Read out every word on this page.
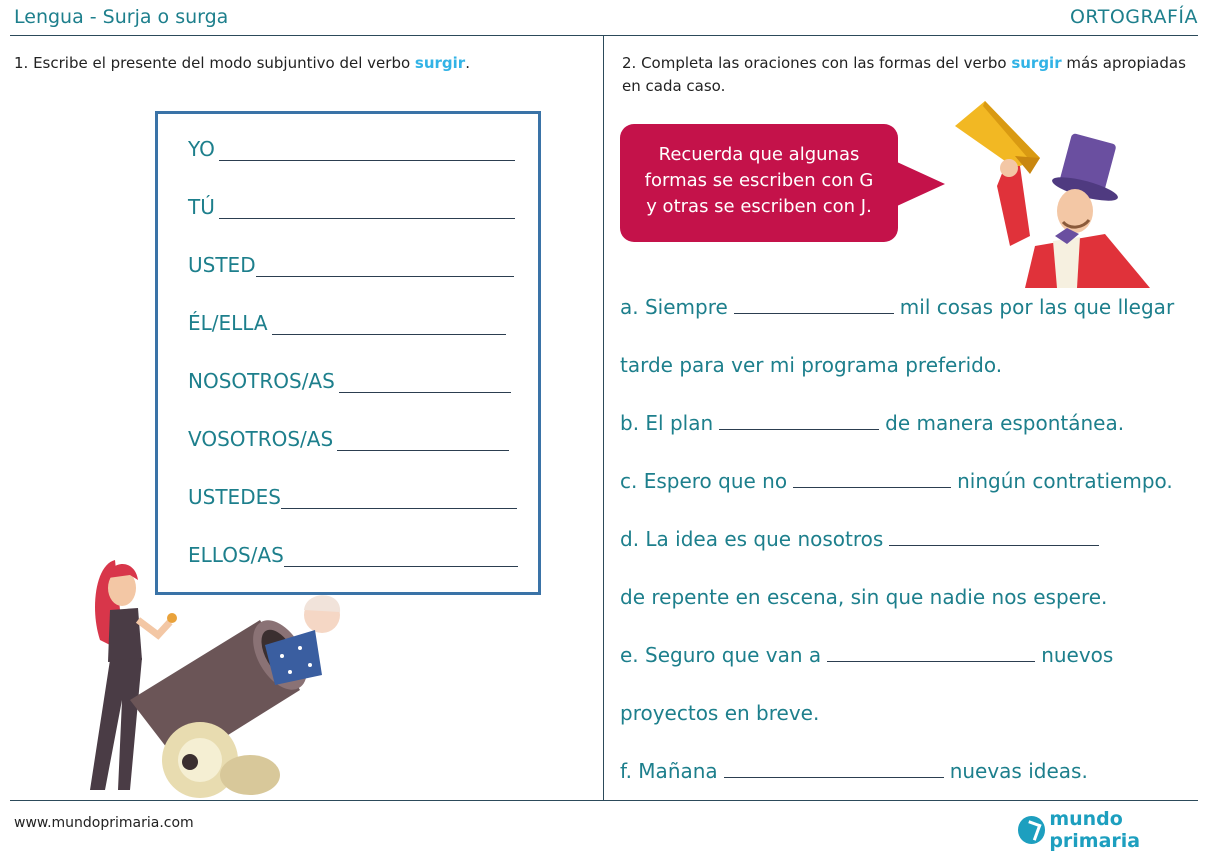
Lengua - Surja o surga	ORTOGRAFÍA
1. Escribe el presente del modo subjuntivo del verbo surgir.
YO
TÚ
USTED
ÉL/ELLA
NOSOTROS/AS
VOSOTROS/AS
USTEDES
ELLOS/AS
2. Completa las oraciones con las formas del verbo surgir más apropiadas en cada caso.
Recuerda que algunas
formas se escriben con G
y otras se escriben con J.
a. Siempre	mil cosas por las que llegar
tarde para ver mi programa preferido.
b. El plan	de manera espontánea.
c. Espero que no	ningún contratiempo.
d. La idea es que nosotros
de repente en escena, sin que nadie nos espere.
e. Seguro que van a	nuevos
proyectos en breve.
f. Mañana	nuevas ideas.
www.mundoprimaria.com	mundo primaria
